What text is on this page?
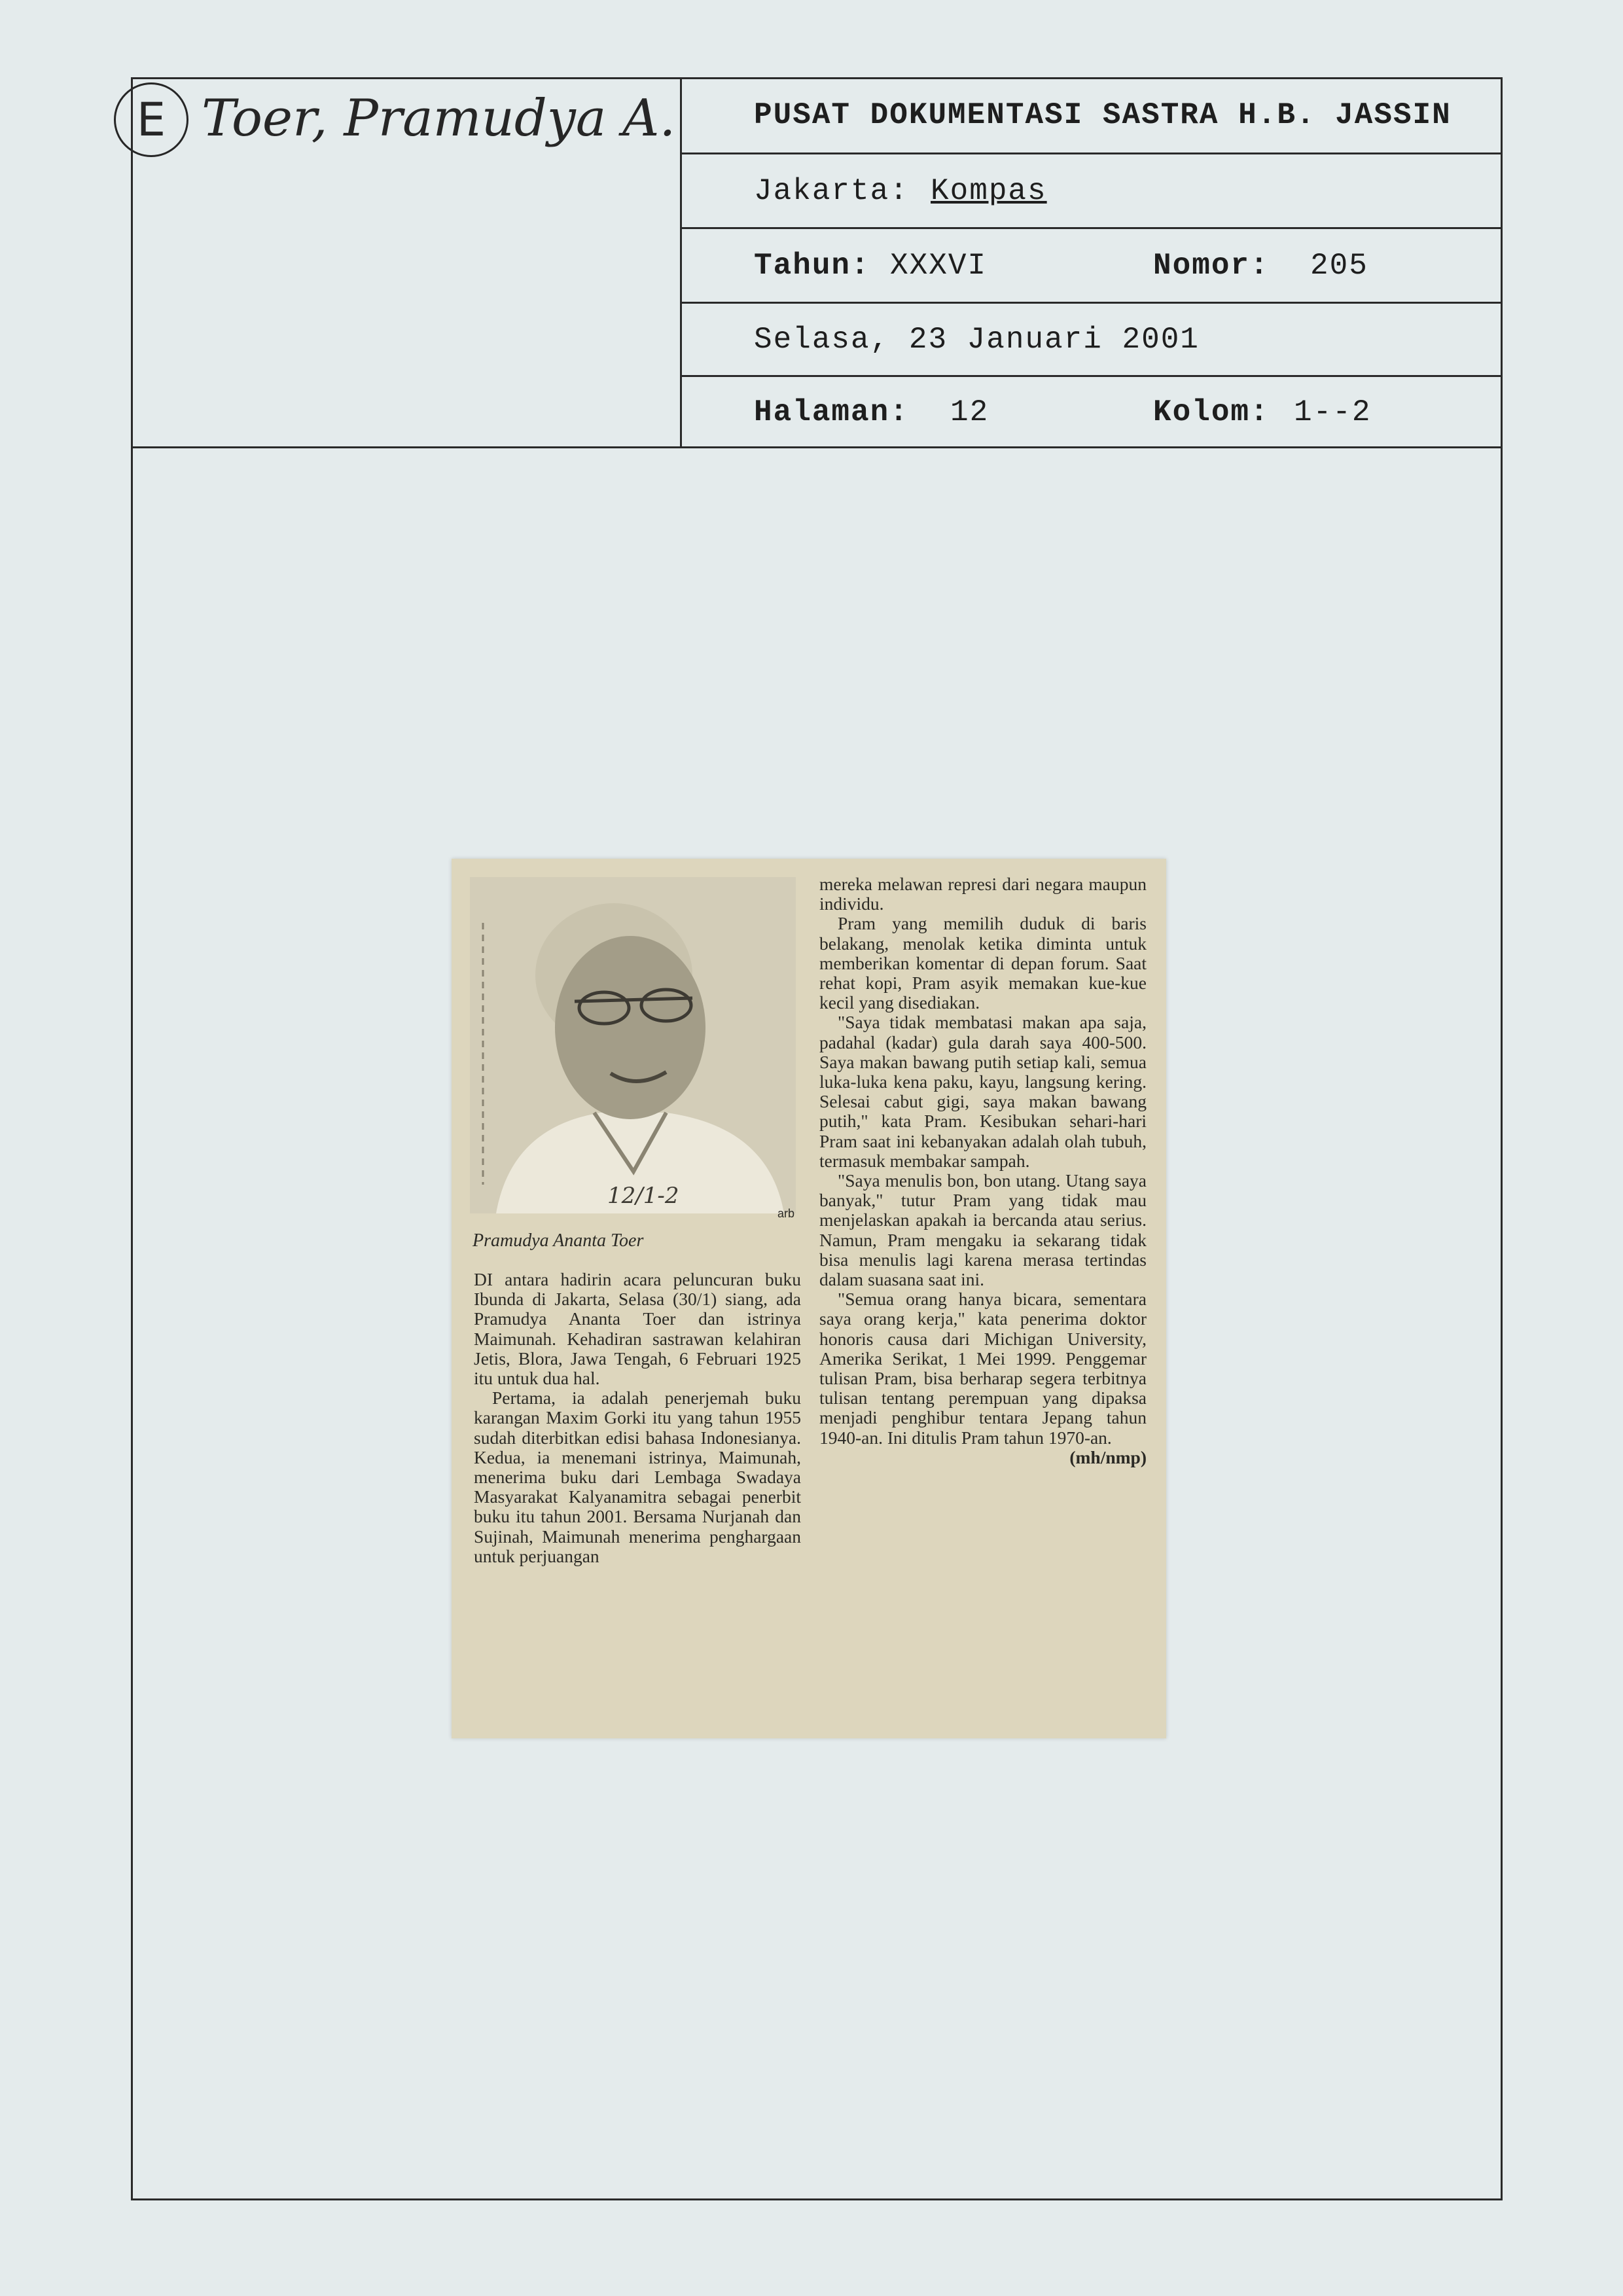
E Toer, Pramudya A.	PUSAT DOKUMENTASI SASTRA H.B. JASSIN
Jakarta: Kompas
Tahun: XXXVI	Nomor: 205
Selasa, 23 Januari 2001
Halaman: 12	Kolom: 1--2
12/1-2
arb
Pramudya Ananta Toer

DI antara hadirin acara peluncuran buku Ibunda di Jakarta, Selasa (30/1) siang, ada Pramudya Ananta Toer dan istrinya Maimunah. Kehadiran sastrawan kelahiran Jetis, Blora, Jawa Tengah, 6 Februari 1925 itu untuk dua hal.

Pertama, ia adalah penerjemah buku karangan Maxim Gorki itu yang tahun 1955 sudah diterbitkan edisi bahasa Indonesianya. Kedua, ia menemani istrinya, Maimunah, menerima buku dari Lembaga Swadaya Masyarakat Kalyanamitra sebagai penerbit buku itu tahun 2001. Bersama Nurjanah dan Sujinah, Maimunah menerima penghargaan untuk perjuangan

mereka melawan represi dari negara maupun individu.

Pram yang memilih duduk di baris belakang, menolak ketika diminta untuk memberikan komentar di depan forum. Saat rehat kopi, Pram asyik memakan kue-kue kecil yang disediakan.

"Saya tidak membatasi makan apa saja, padahal (kadar) gula darah saya 400-500. Saya makan bawang putih setiap kali, semua luka-luka kena paku, kayu, langsung kering. Selesai cabut gigi, saya makan bawang putih," kata Pram. Kesibukan sehari-hari Pram saat ini kebanyakan adalah olah tubuh, termasuk membakar sampah.

"Saya menulis bon, bon utang. Utang saya banyak," tutur Pram yang tidak mau menjelaskan apakah ia bercanda atau serius. Namun, Pram mengaku ia sekarang tidak bisa menulis lagi karena merasa tertindas dalam suasana saat ini.

"Semua orang hanya bicara, sementara saya orang kerja," kata penerima doktor honoris causa dari Michigan University, Amerika Serikat, 1 Mei 1999. Penggemar tulisan Pram, bisa berharap segera terbitnya tulisan tentang perempuan yang dipaksa menjadi penghibur tentara Jepang tahun 1940-an. Ini ditulis Pram tahun 1970-an.

(mh/nmp)
